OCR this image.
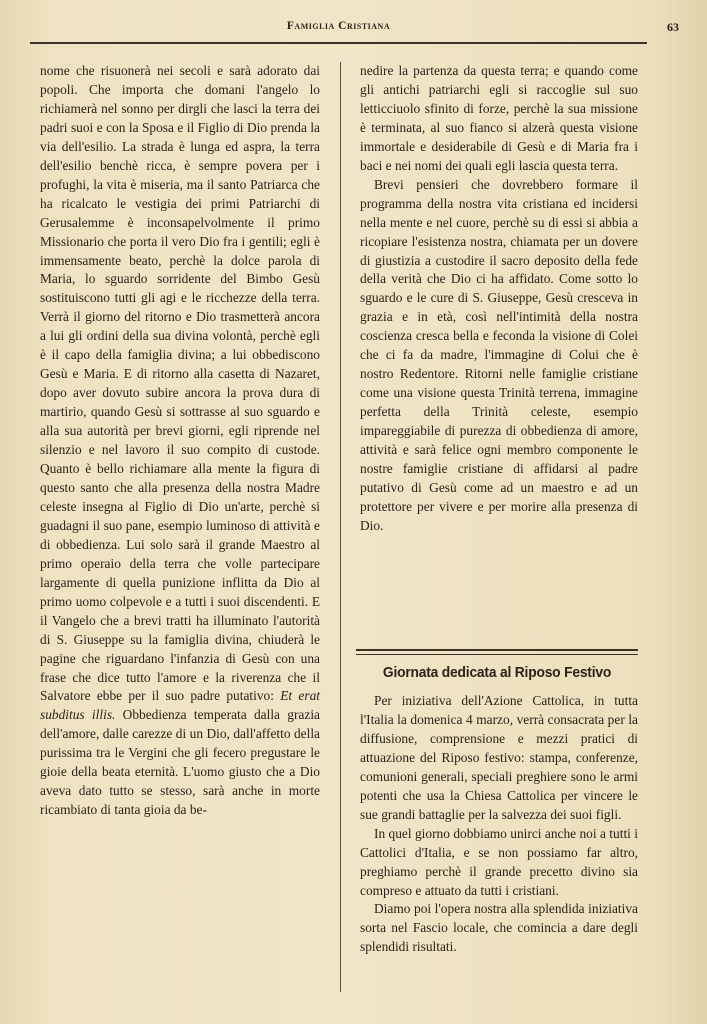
Famiglia Cristiana	63

nome che risuonerà nei secoli e sarà adorato dai popoli. Che importa che domani l'angelo lo richiamerà nel sonno per dirgli che lasci la terra dei padri suoi e con la Sposa e il Figlio di Dio prenda la via dell'esilio. La strada è lunga ed aspra, la terra dell'esilio benchè ricca, è sempre povera per i profughi, la vita è miseria, ma il santo Patriarca che ha ricalcato le vestigia dei primi Patriarchi di Gerusalemme è inconsapelvolmente il primo Missionario che porta il vero Dio fra i gentili; egli è immensamente beato, perchè la dolce parola di Maria, lo sguardo sorridente del Bimbo Gesù sostituiscono tutti gli agi e le ricchezze della terra. Verrà il giorno del ritorno e Dio trasmetterà ancora a lui gli ordini della sua divina volontà, perchè egli è il capo della famiglia divina; a lui obbediscono Gesù e Maria. E di ritorno alla casetta di Nazaret, dopo aver dovuto subire ancora la prova dura di martirio, quando Gesù si sottrasse al suo sguardo e alla sua autorità per brevi giorni, egli riprende nel silenzio e nel lavoro il suo compito di custode. Quanto è bello richiamare alla mente la figura di questo santo che alla presenza della nostra Madre celeste insegna al Figlio di Dio un'arte, perchè si guadagni il suo pane, esempio luminoso di attività e di obbedienza. Lui solo sarà il grande Maestro al primo operaio della terra che volle partecipare largamente di quella punizione inflitta da Dio al primo uomo colpevole e a tutti i suoi discendenti. E il Vangelo che a brevi tratti ha illuminato l'autorità di S. Giuseppe su la famiglia divina, chiuderà le pagine che riguardano l'infanzia di Gesù con una frase che dice tutto l'amore e la riverenza che il Salvatore ebbe per il suo padre putativo: Et erat subditus illis. Obbedienza temperata dalla grazia dell'amore, dalle carezze di un Dio, dall'affetto della purissima tra le Vergini che gli fecero pregustare le gioie della beata eternità. L'uomo giusto che a Dio aveva dato tutto se stesso, sarà anche in morte ricambiato di tanta gioia da be-

nedire la partenza da questa terra; e quando come gli antichi patriarchi egli si raccoglie sul suo letticciuolo sfinito di forze, perchè la sua missione è terminata, al suo fianco si alzerà questa visione immortale e desiderabile di Gesù e di Maria fra i baci e nei nomi dei quali egli lascia questa terra.

Brevi pensieri che dovrebbero formare il programma della nostra vita cristiana ed incidersi nella mente e nel cuore, perchè su di essi si abbia a ricopiare l'esistenza nostra, chiamata per un dovere di giustizia a custodire il sacro deposito della fede della verità che Dio ci ha affidato. Come sotto lo sguardo e le cure di S. Giuseppe, Gesù cresceva in grazia e in età, così nell'intimità della nostra coscienza cresca bella e feconda la visione di Colei che ci fa da madre, l'immagine di Colui che è nostro Redentore. Ritorni nelle famiglie cristiane come una visione questa Trinità terrena, immagine perfetta della Trinità celeste, esempio impareggiabile di purezza di obbedienza di amore, attività e sarà felice ogni membro componente le nostre famiglie cristiane di affidarsi al padre putativo di Gesù come ad un maestro e ad un protettore per vivere e per morire alla presenza di Dio.

Giornata dedicata al Riposo Festivo

Per iniziativa dell'Azione Cattolica, in tutta l'Italia la domenica 4 marzo, verrà consacrata per la diffusione, comprensione e mezzi pratici di attuazione del Riposo festivo: stampa, conferenze, comunioni generali, speciali preghiere sono le armi potenti che usa la Chiesa Cattolica per vincere le sue grandi battaglie per la salvezza dei suoi figli.

In quel giorno dobbiamo unirci anche noi a tutti i Cattolici d'Italia, e se non possiamo far altro, preghiamo perchè il grande precetto divino sia compreso e attuato da tutti i cristiani.

Diamo poi l'opera nostra alla splendida iniziativa sorta nel Fascio locale, che comincia a dare degli splendidi risultati.
